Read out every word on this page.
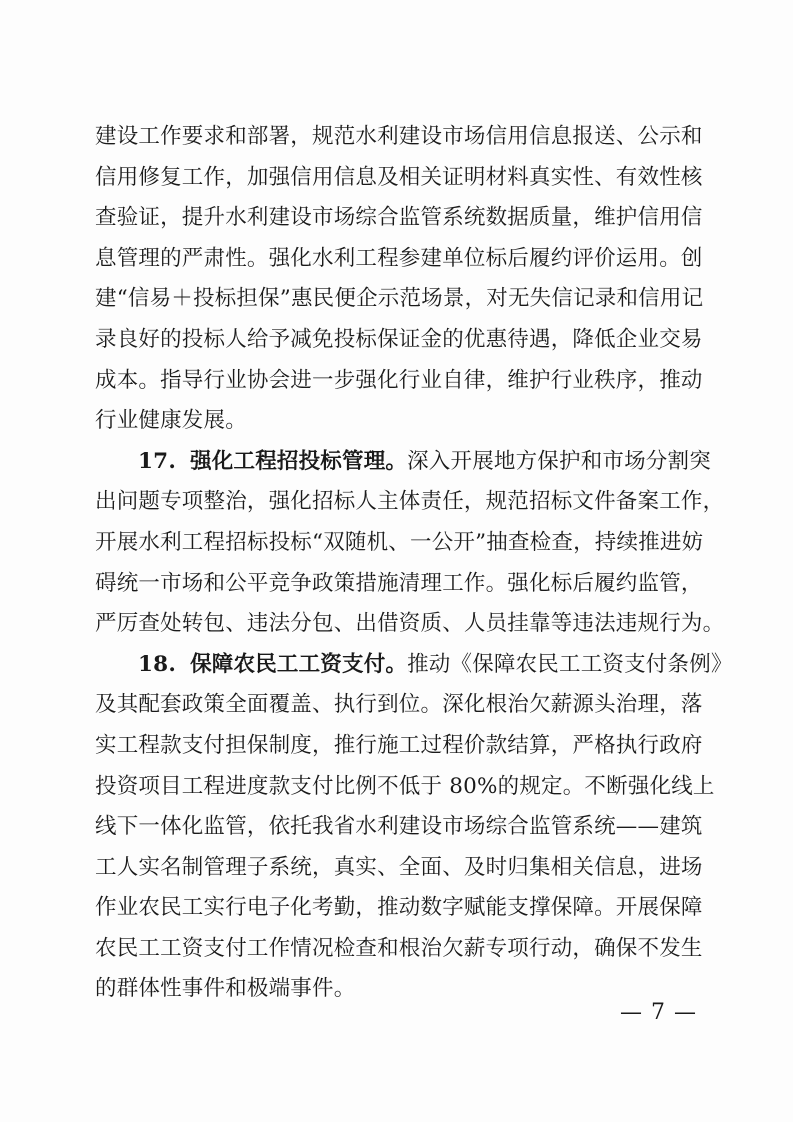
建设工作要求和部署，规范水利建设市场信用信息报送、公示和
信用修复工作，加强信用信息及相关证明材料真实性、有效性核
查验证，提升水利建设市场综合监管系统数据质量，维护信用信
息管理的严肃性。强化水利工程参建单位标后履约评价运用。创
建“信易＋投标担保”惠民便企示范场景，对无失信记录和信用记
录良好的投标人给予减免投标保证金的优惠待遇，降低企业交易
成本。指导行业协会进一步强化行业自律，维护行业秩序，推动
行业健康发展。

17. 强化工程招投标管理。深入开展地方保护和市场分割突
出问题专项整治，强化招标人主体责任，规范招标文件备案工作，
开展水利工程招标投标“双随机、一公开”抽查检查，持续推进妨
碍统一市场和公平竞争政策措施清理工作。强化标后履约监管，
严厉查处转包、违法分包、出借资质、人员挂靠等违法违规行为。

18. 保障农民工工资支付。推动《保障农民工工资支付条例》
及其配套政策全面覆盖、执行到位。深化根治欠薪源头治理，落
实工程款支付担保制度，推行施工过程价款结算，严格执行政府
投资项目工程进度款支付比例不低于 80%的规定。不断强化线上
线下一体化监管，依托我省水利建设市场综合监管系统——建筑
工人实名制管理子系统，真实、全面、及时归集相关信息，进场
作业农民工实行电子化考勤，推动数字赋能支撑保障。开展保障
农民工工资支付工作情况检查和根治欠薪专项行动，确保不发生
的群体性事件和极端事件。

— 7 —
